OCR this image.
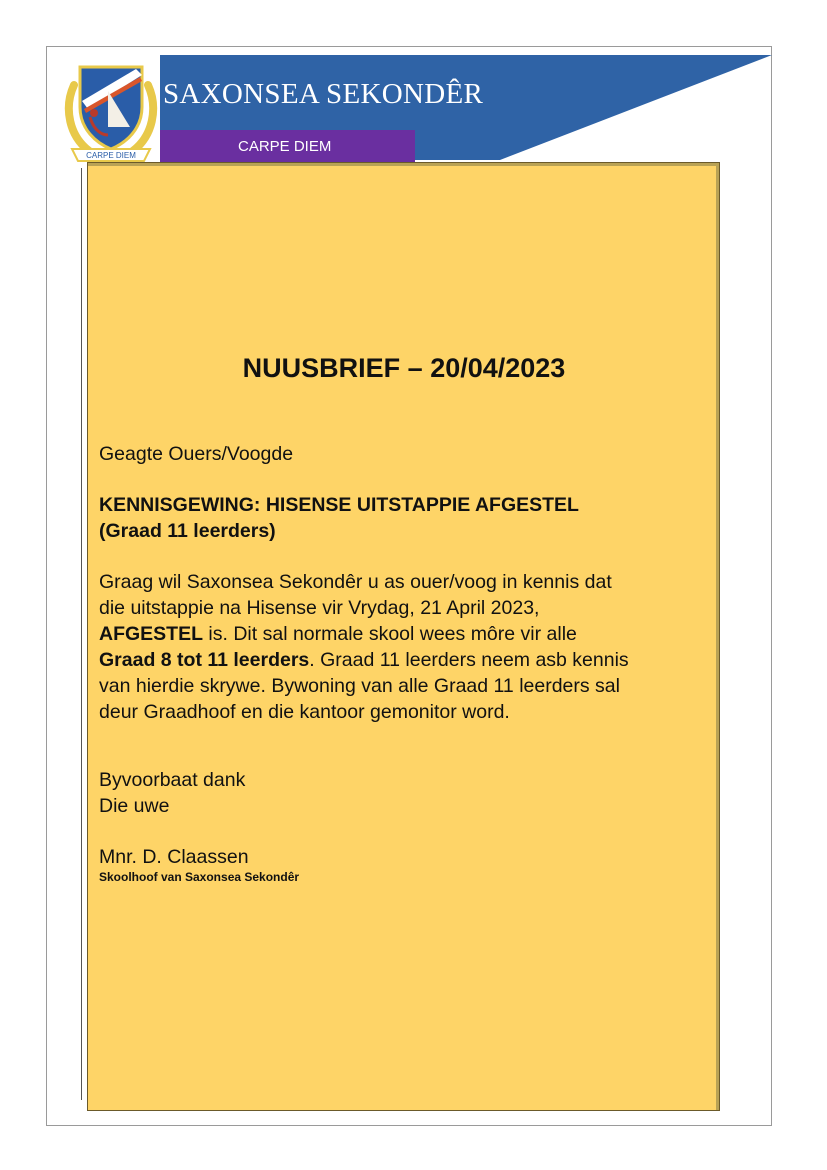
CARPE DIEM
SAXONSEA SEKONDÊR
CARPE DIEM
NUUSBRIEF – 20/04/2023
Geagte Ouers/Voogde
KENNISGEWING: HISENSE UITSTAPPIE AFGESTEL
(Graad 11 leerders)
Graag wil Saxonsea Sekondêr u as ouer/voog in kennis dat
die uitstappie na Hisense vir Vrydag, 21 April 2023,
AFGESTEL is. Dit sal normale skool wees môre vir alle
Graad 8 tot 11 leerders. Graad 11 leerders neem asb kennis
van hierdie skrywe. Bywoning van alle Graad 11 leerders sal
deur Graadhoof en die kantoor gemonitor word.
Byvoorbaat dank
Die uwe
Mnr. D. Claassen
Skoolhoof van Saxonsea Sekondêr
